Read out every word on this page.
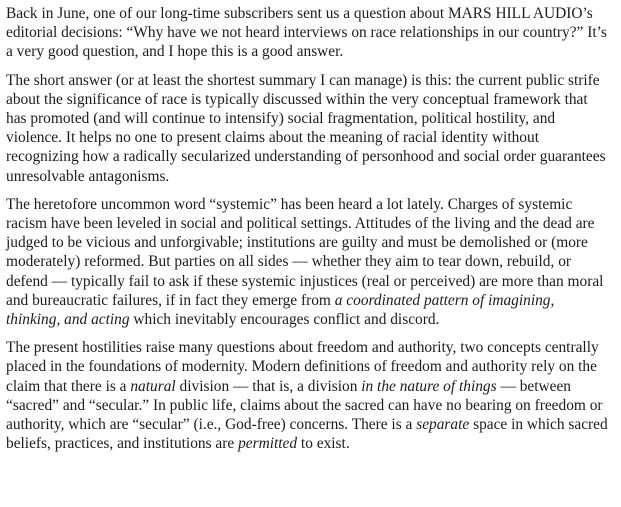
Back in June, one of our long-time subscribers sent us a question about MARS HILL AUDIO’s editorial decisions: “Why have we not heard interviews on race relationships in our country?” It’s a very good question, and I hope this is a good answer.

The short answer (or at least the shortest summary I can manage) is this: the current public strife about the significance of race is typically discussed within the very conceptual framework that has promoted (and will continue to intensify) social fragmentation, political hostility, and violence. It helps no one to present claims about the meaning of racial identity without recognizing how a radically secularized understanding of personhood and social order guarantees unresolvable antagonisms.

The heretofore uncommon word “systemic” has been heard a lot lately. Charges of systemic racism have been leveled in social and political settings. Attitudes of the living and the dead are judged to be vicious and unforgivable; institutions are guilty and must be demolished or (more moderately) reformed. But parties on all sides — whether they aim to tear down, rebuild, or defend — typically fail to ask if these systemic injustices (real or perceived) are more than moral and bureaucratic failures, if in fact they emerge from a coordinated pattern of imagining, thinking, and acting which inevitably encourages conflict and discord.

The present hostilities raise many questions about freedom and authority, two concepts centrally placed in the foundations of modernity. Modern definitions of freedom and authority rely on the claim that there is a natural division — that is, a division in the nature of things — between “sacred” and “secular.” In public life, claims about the sacred can have no bearing on freedom or authority, which are “secular” (i.e., God-free) concerns. There is a separate space in which sacred beliefs, practices, and institutions are permitted to exist.
